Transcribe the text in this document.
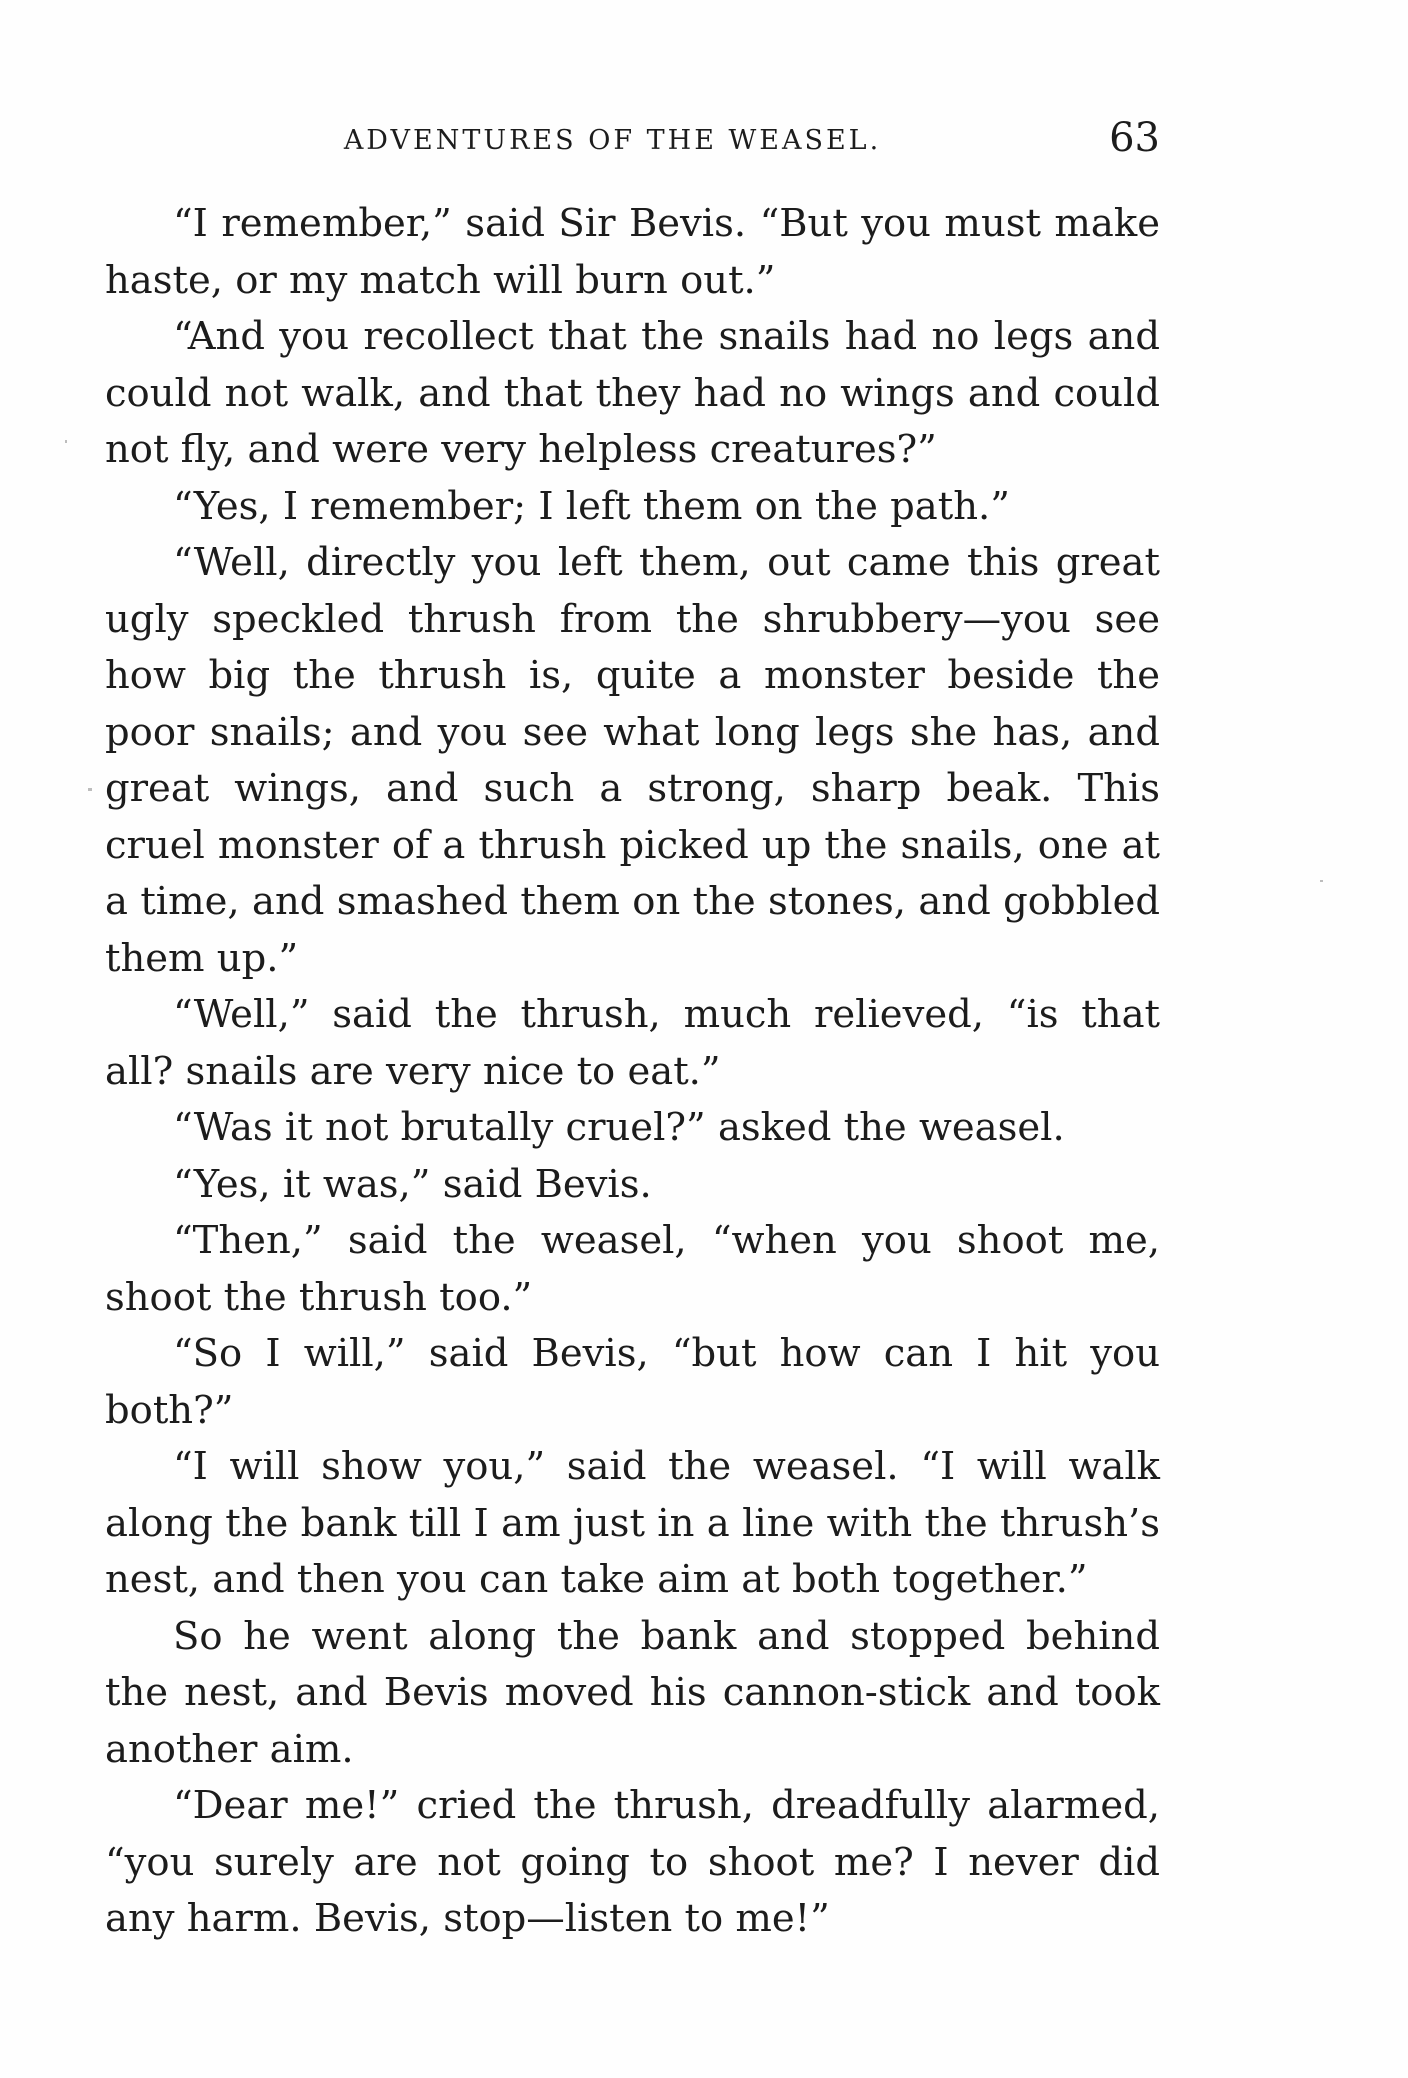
ADVENTURES OF THE WEASEL.	63

“I remember,” said Sir Bevis. “But you must make haste, or my match will burn out.”

“And you recollect that the snails had no legs and could not walk, and that they had no wings and could not fly, and were very helpless creatures?”

“Yes, I remember; I left them on the path.”

“Well, directly you left them, out came this great ugly speckled thrush from the shrubbery—you see how big the thrush is, quite a monster beside the poor snails; and you see what long legs she has, and great wings, and such a strong, sharp beak. This cruel monster of a thrush picked up the snails, one at a time, and smashed them on the stones, and gobbled them up.”

“Well,” said the thrush, much relieved, “is that all? snails are very nice to eat.”

“Was it not brutally cruel?” asked the weasel.

“Yes, it was,” said Bevis.

“Then,” said the weasel, “when you shoot me, shoot the thrush too.”

“So I will,” said Bevis, “but how can I hit you both?”

“I will show you,” said the weasel. “I will walk along the bank till I am just in a line with the thrush’s nest, and then you can take aim at both together.”

So he went along the bank and stopped behind the nest, and Bevis moved his cannon-stick and took another aim.

“Dear me!” cried the thrush, dreadfully alarmed, “you surely are not going to shoot me? I never did any harm. Bevis, stop—listen to me!”
